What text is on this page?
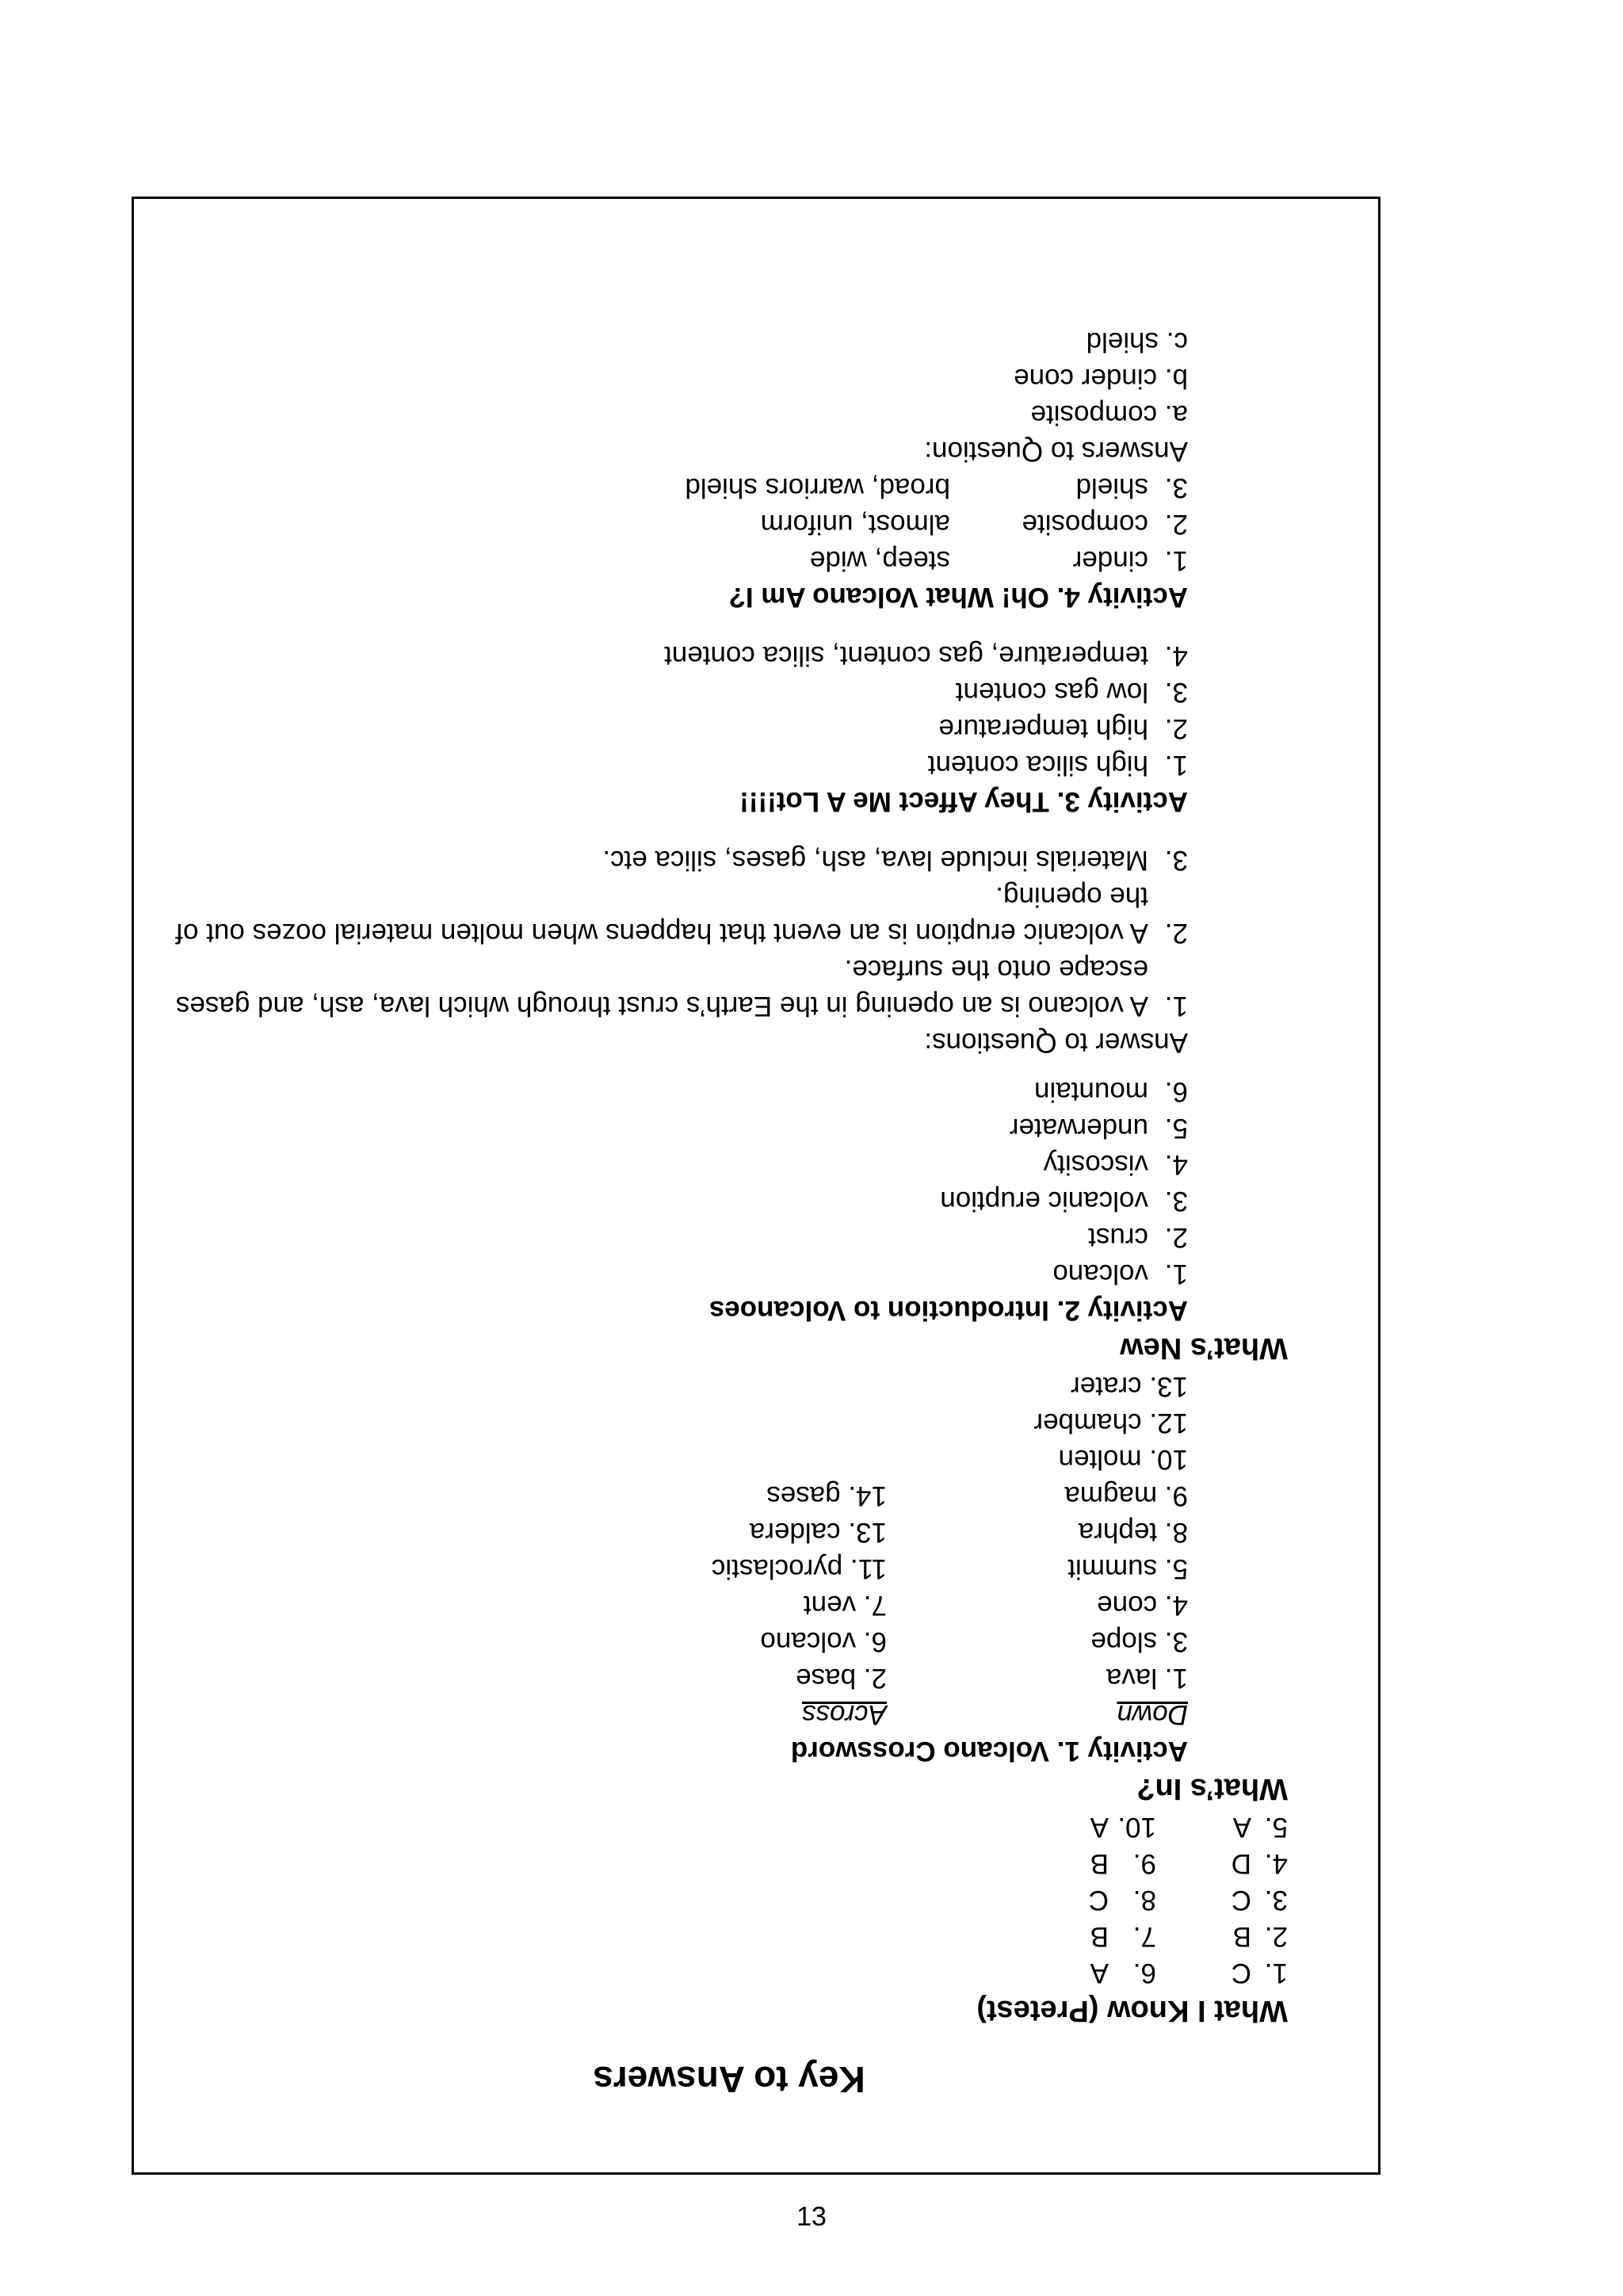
Key to Answers
What I Know (Pretest)
1.
C
6.
A
2.
B
7.
B
3.
C
8.
C
4.
D
9.
B
5.
A
10.
A
What’s In?
Activity 1. Volcano Crossword
Down
Across
1. lava
2. base
3. slope
6. volcano
4. cone
7. vent
5. summit
11. pyroclastic
8. tephra
13. caldera
9. magma
14. gases
10. molten
12. chamber
13. crater
What’s New
Activity 2. Introduction to Volcanoes
1.
volcano
2.
crust
3.
volcanic eruption
4.
viscosity
5.
underwater
6.
mountain
Answer to Questions:
1.
A volcano is an opening in the Earth’s crust through which lava, ash, and gases escape onto the surface.
2.
A volcanic eruption is an event that happens when molten material oozes out of the opening.
3.
Materials include lava, ash, gases, silica etc.
Activity 3. They Affect Me A Lot!!!!
1.
high silica content
2.
high temperature
3.
low gas content
4.
temperature, gas content, silica content
Activity 4. Oh! What Volcano Am I?
1.
cinder
steep, wide
2.
composite
almost, uniform
3.
shield
broad, warriors shield
Answers to Question:
a. composite
b. cinder cone
c. shield
13
